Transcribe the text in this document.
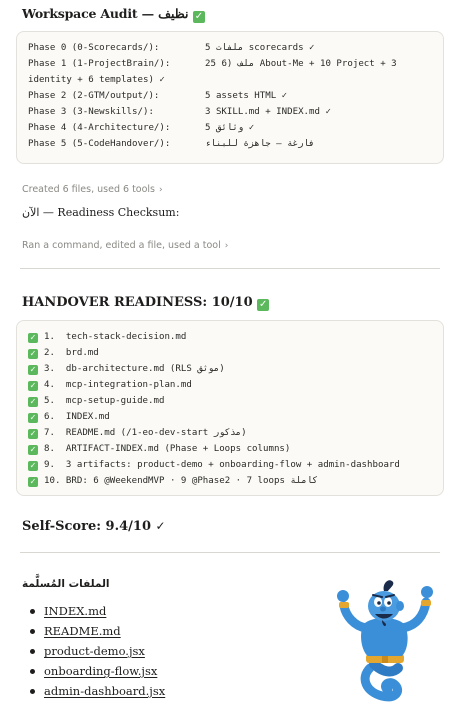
Workspace Audit — نظيف ✓
Phase 0 (0-Scorecards/):	5 ملفات scorecards ✓
Phase 1 (1-ProjectBrain/):	25 ملف (6 About-Me + 10 Project + 3
identity + 6 templates) ✓
Phase 2 (2-GTM/output/):	5 assets HTML ✓
Phase 3 (3-Newskills/):	3 SKILL.md + INDEX.md ✓
Phase 4 (4-Architecture/):	5 وثائق ✓
Phase 5 (5-CodeHandover/):	فارغة — جاهزة للبناء
Created 6 files, used 6 tools ›
الآن — Readiness Checksum:
Ran a command, edited a file, used a tool ›
HANDOVER READINESS: 10/10 ✓
✓ 1. tech-stack-decision.md
✓ 2. brd.md
✓ 3. db-architecture.md (RLS موثق)
✓ 4. mcp-integration-plan.md
✓ 5. mcp-setup-guide.md
✓ 6. INDEX.md
✓ 7. README.md (/1-eo-dev-start مذكور)
✓ 8. ARTIFACT-INDEX.md (Phase + Loops columns)
✓ 9. 3 artifacts: product-demo + onboarding-flow + admin-dashboard
✓ 10. BRD: 6 @WeekendMVP · 9 @Phase2 · 7 loops كاملة
Self-Score: 9.4/10 ✓
الملفات المُسلَّمة
INDEX.md
README.md
product-demo.jsx
onboarding-flow.jsx
admin-dashboard.jsx
